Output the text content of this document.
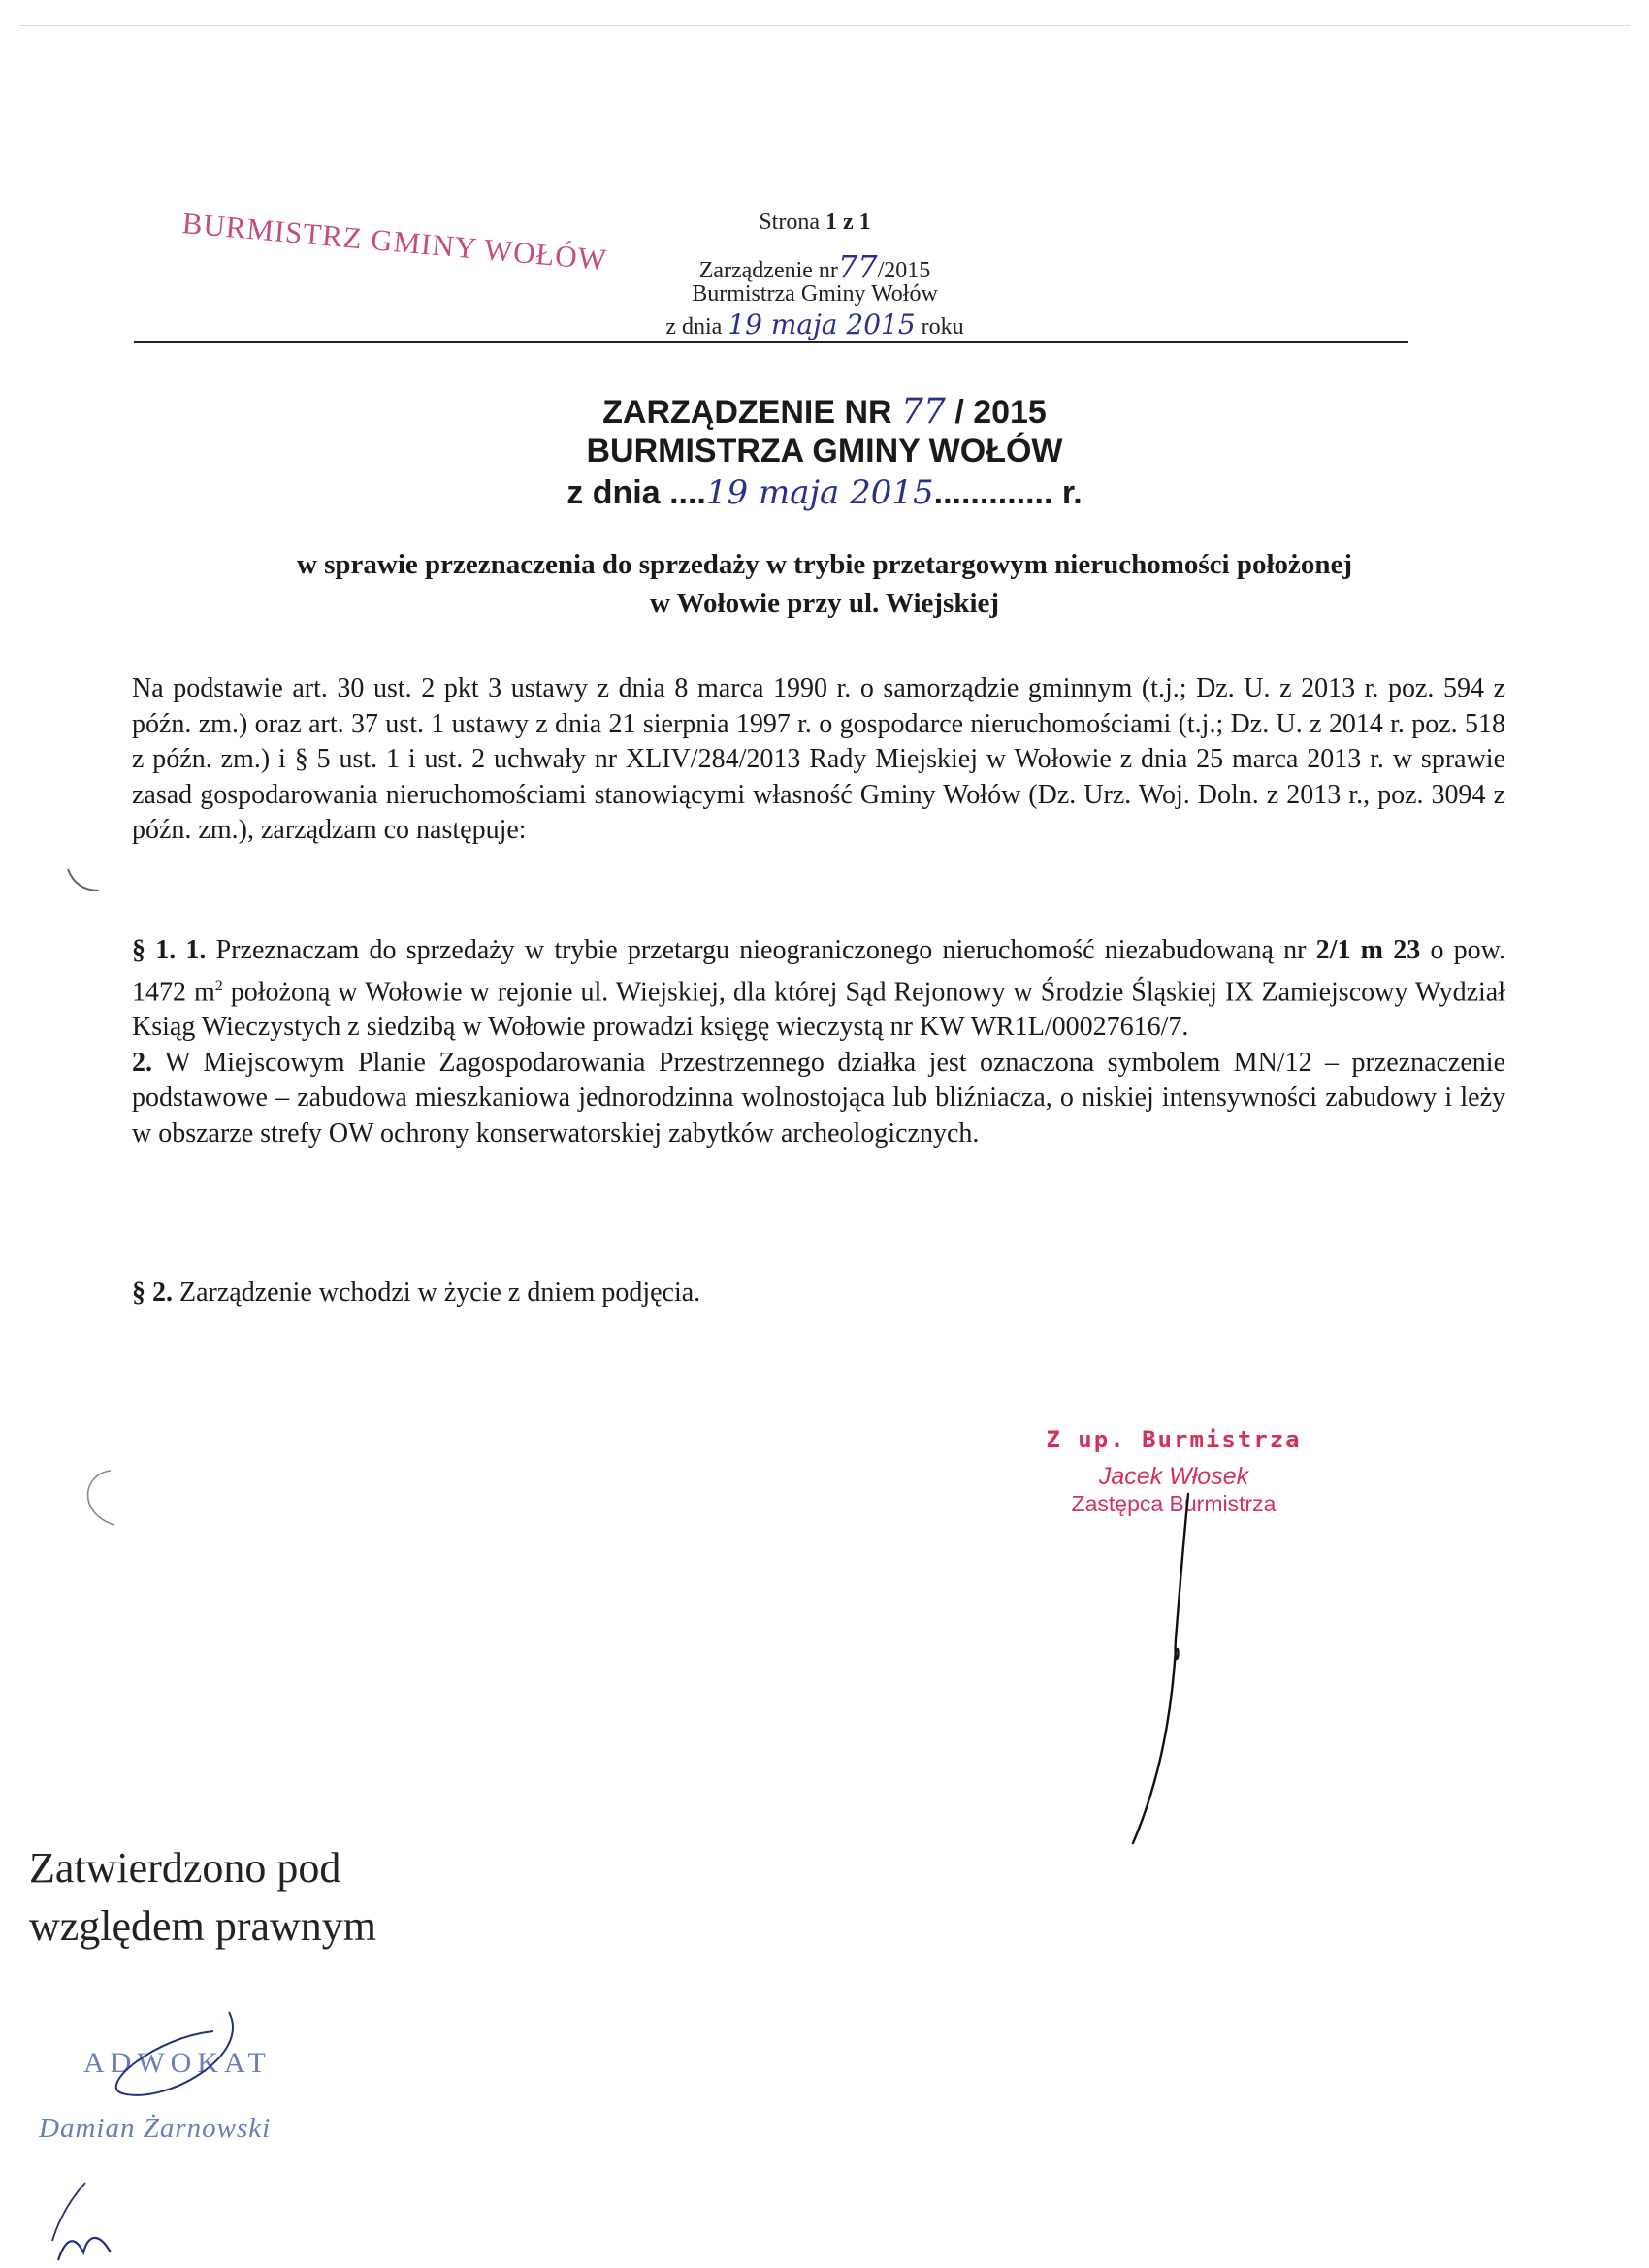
BURMISTRZ GMINY WOŁÓW	Strona 1 z 1
Zarządzenie nr77/2015
Burmistrza Gminy Wołów
z dnia 19 maja 2015 roku
ZARZĄDZENIE NR 77 / 2015
BURMISTRZA GMINY WOŁÓW
z dnia ....19 maja 2015............. r.
w sprawie przeznaczenia do sprzedaży w trybie przetargowym nieruchomości położonej
w Wołowie przy ul. Wiejskiej

Na podstawie art. 30 ust. 2 pkt 3 ustawy z dnia 8 marca 1990 r. o samorządzie gminnym (t.j.; Dz. U. z 2013 r. poz. 594 z późn. zm.) oraz art. 37 ust. 1 ustawy z dnia 21 sierpnia 1997 r. o gospodarce nieruchomościami (t.j.; Dz. U. z 2014 r. poz. 518 z późn. zm.) i § 5 ust. 1 i ust. 2 uchwały nr XLIV/284/2013 Rady Miejskiej w Wołowie z dnia 25 marca 2013 r. w sprawie zasad gospodarowania nieruchomościami stanowiącymi własność Gminy Wołów (Dz. Urz. Woj. Doln. z 2013 r., poz. 3094 z późn. zm.), zarządzam co następuje:

§ 1. 1. Przeznaczam do sprzedaży w trybie przetargu nieograniczonego nieruchomość niezabudowaną nr 2/1 m 23 o pow. 1472 $m^2$ położoną w Wołowie w rejonie ul. Wiejskiej, dla której Sąd Rejonowy w Środzie Śląskiej IX Zamiejscowy Wydział Ksiąg Wieczystych z siedzibą w Wołowie prowadzi księgę wieczystą nr KW WR1L/00027616/7.

2. W Miejscowym Planie Zagospodarowania Przestrzennego działka jest oznaczona symbolem MN/12 – przeznaczenie podstawowe – zabudowa mieszkaniowa jednorodzinna wolnostojąca lub bliźniacza, o niskiej intensywności zabudowy i leży w obszarze strefy OW ochrony konserwatorskiej zabytków archeologicznych.

§ 2. Zarządzenie wchodzi w życie z dniem podjęcia.

Z up. Burmistrza
Jacek Włosek
Zastępca Burmistrza
Zatwierdzono pod
względem prawnym
ADWOKAT
Damian Żarnowski
